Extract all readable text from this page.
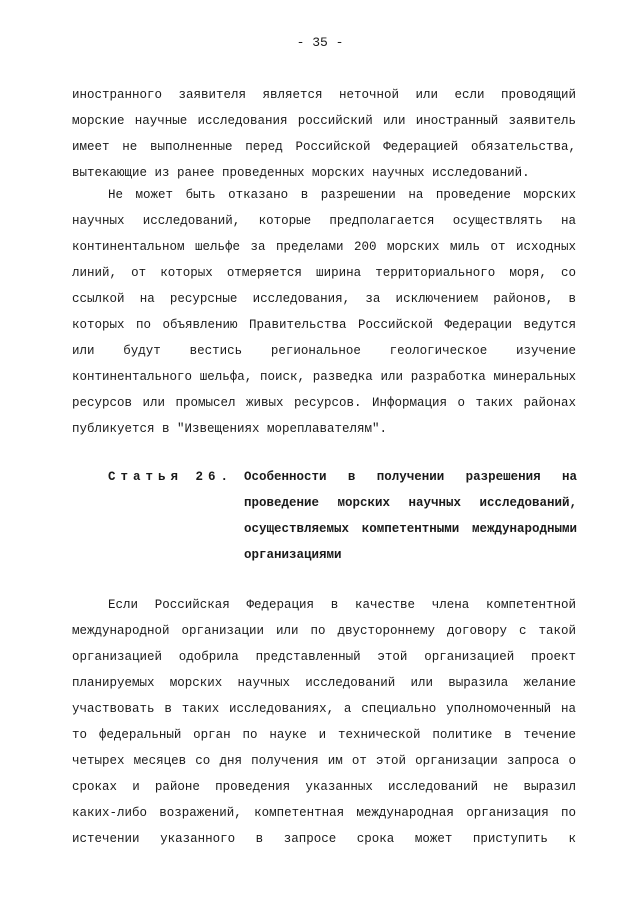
- 35 -
иностранного заявителя является неточной или если проводящий
морские научные исследования российский или иностранный заявитель
имеет не выполненные перед Российской Федерацией обязательства,
вытекающие из ранее проведенных морских научных исследований.
Не может быть отказано в разрешении на проведение морских
научных исследований, которые предполагается осуществлять на
континентальном шельфе за пределами 200 морских миль от исходных
линий, от которых отмеряется ширина территориального моря, со
ссылкой на ресурсные исследования, за исключением районов, в
которых по объявлению Правительства Российской Федерации ведутся
или будут вестись региональное геологическое изучение
континентального шельфа, поиск, разведка или разработка минеральных
ресурсов или промысел живых ресурсов. Информация о таких районах
публикуется в "Извещениях мореплавателям".
Статья 26. Особенности в получении разрешения на
проведение морских научных исследований,
осуществляемых компетентными международными
организациями
Если Российская Федерация в качестве члена компетентной
международной организации или по двустороннему договору с такой
организацией одобрила представленный этой организацией проект
планируемых морских научных исследований или выразила желание
участвовать в таких исследованиях, а специально уполномоченный на
то федеральный орган по науке и технической политике в течение
четырех месяцев со дня получения им от этой организации запроса о
сроках и районе проведения указанных исследований не выразил
каких-либо возражений, компетентная международная организация по
истечении указанного в запросе срока может приступить к
